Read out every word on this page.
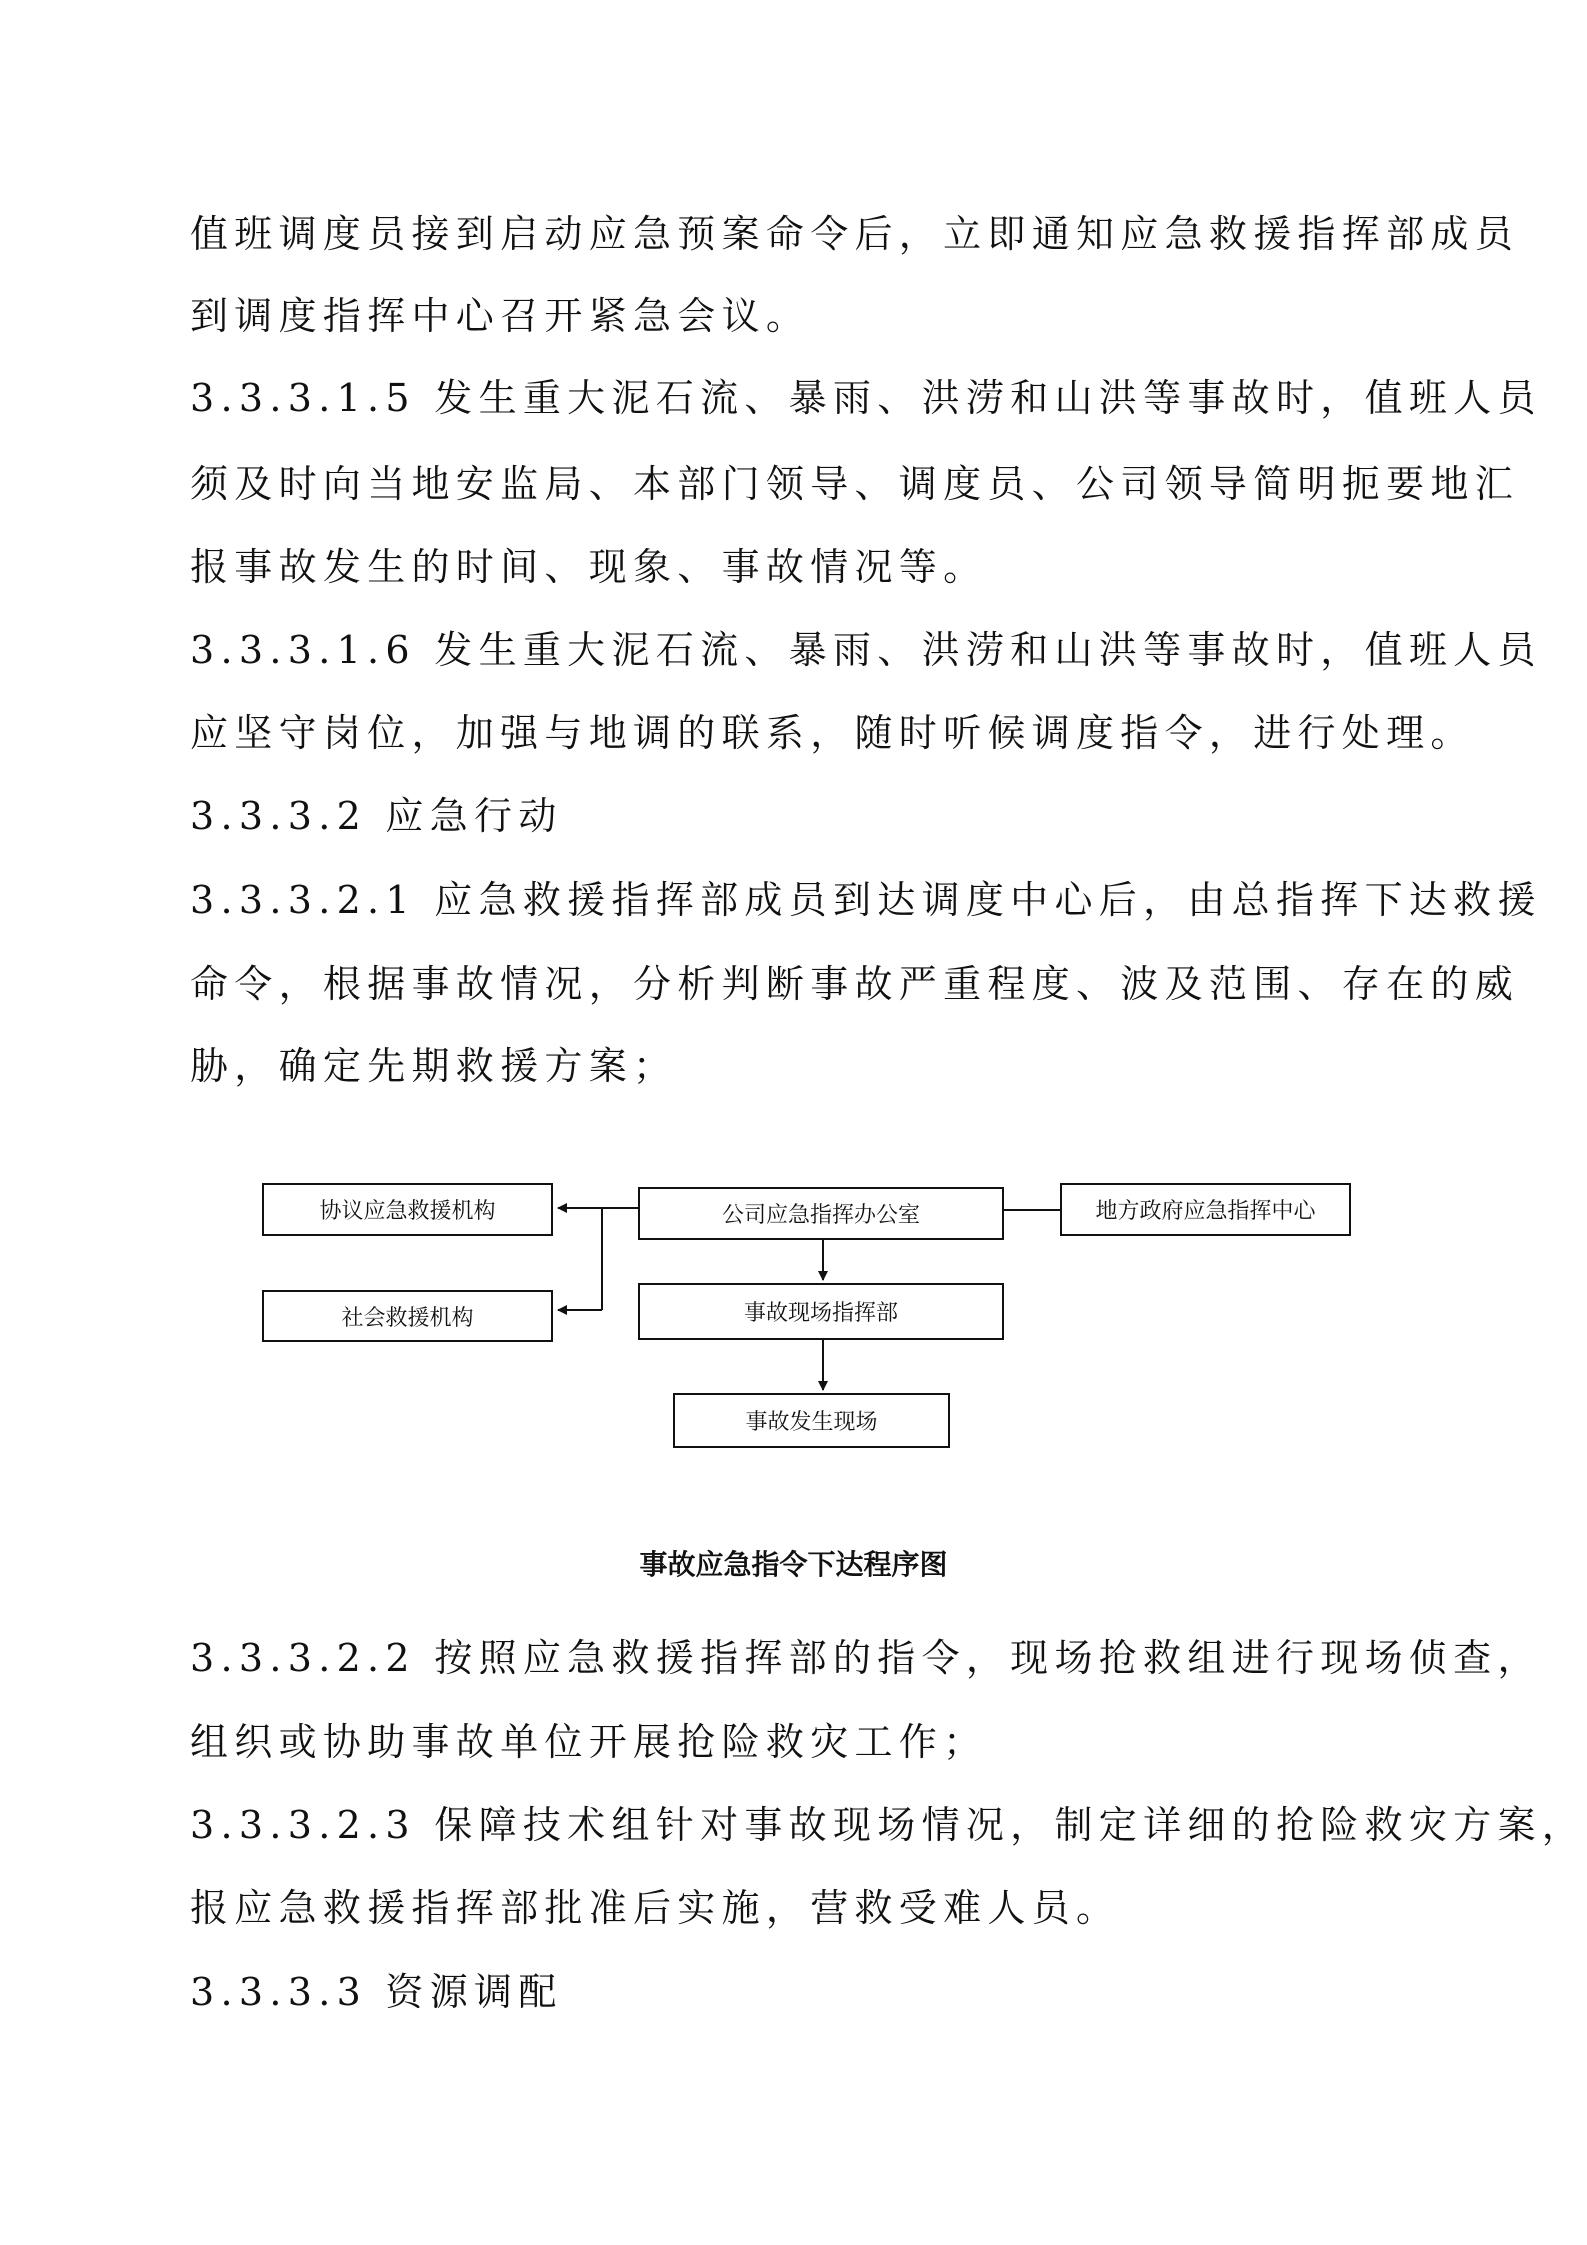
值班调度员接到启动应急预案命令后，立即通知应急救援指挥部成员

到调度指挥中心召开紧急会议。

3.3.3.1.5 发生重大泥石流、暴雨、洪涝和山洪等事故时，值班人员

须及时向当地安监局、本部门领导、调度员、公司领导简明扼要地汇

报事故发生的时间、现象、事故情况等。

3.3.3.1.6 发生重大泥石流、暴雨、洪涝和山洪等事故时，值班人员

应坚守岗位，加强与地调的联系，随时听候调度指令，进行处理。

3.3.3.2 应急行动

3.3.3.2.1 应急救援指挥部成员到达调度中心后，由总指挥下达救援

命令，根据事故情况，分析判断事故严重程度、波及范围、存在的威

胁，确定先期救援方案；

协议应急救援机构
社会救援机构
公司应急指挥办公室	地方政府应急指挥中心
事故现场指挥部
事故发生现场
事故应急指令下达程序图

3.3.3.2.2 按照应急救援指挥部的指令，现场抢救组进行现场侦查，

组织或协助事故单位开展抢险救灾工作；

3.3.3.2.3 保障技术组针对事故现场情况，制定详细的抢险救灾方案，

报应急救援指挥部批准后实施，营救受难人员。

3.3.3.3 资源调配
